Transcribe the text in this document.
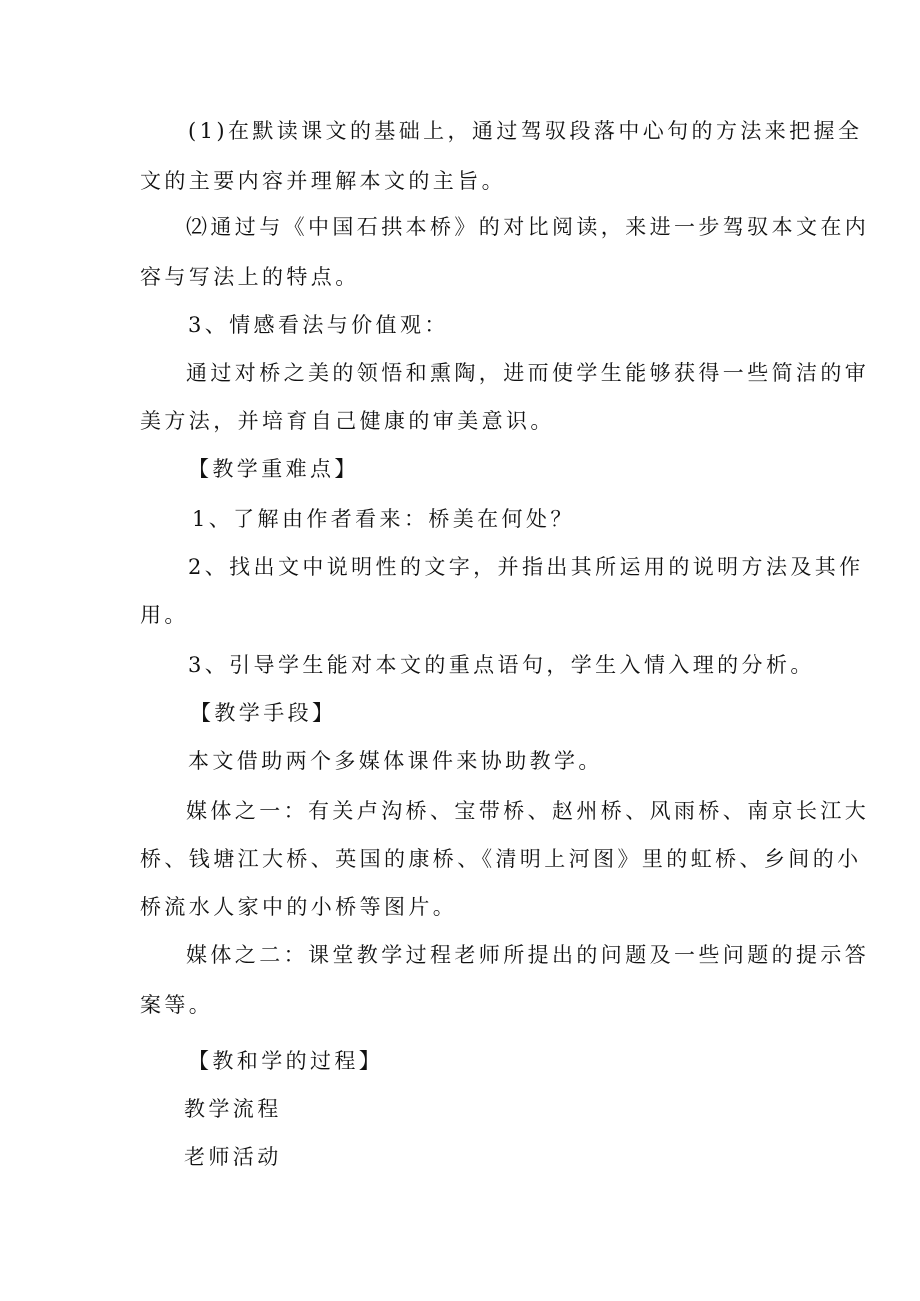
(1)在默读课文的基础上，通过驾驭段落中心句的方法来把握全
文的主要内容并理解本文的主旨。
⑵通过与《中国石拱本桥》的对比阅读，来进一步驾驭本文在内
容与写法上的特点。
3、情感看法与价值观：
通过对桥之美的领悟和熏陶，进而使学生能够获得一些简洁的审
美方法，并培育自己健康的审美意识。
【教学重难点】
1、了解由作者看来：桥美在何处？
2、找出文中说明性的文字，并指出其所运用的说明方法及其作
用。
3、引导学生能对本文的重点语句，学生入情入理的分析。
【教学手段】
本文借助两个多媒体课件来协助教学。
媒体之一：有关卢沟桥、宝带桥、赵州桥、风雨桥、南京长江大
桥、钱塘江大桥、英国的康桥、《清明上河图》里的虹桥、乡间的小
桥流水人家中的小桥等图片。
媒体之二：课堂教学过程老师所提出的问题及一些问题的提示答
案等。
【教和学的过程】
教学流程
老师活动
